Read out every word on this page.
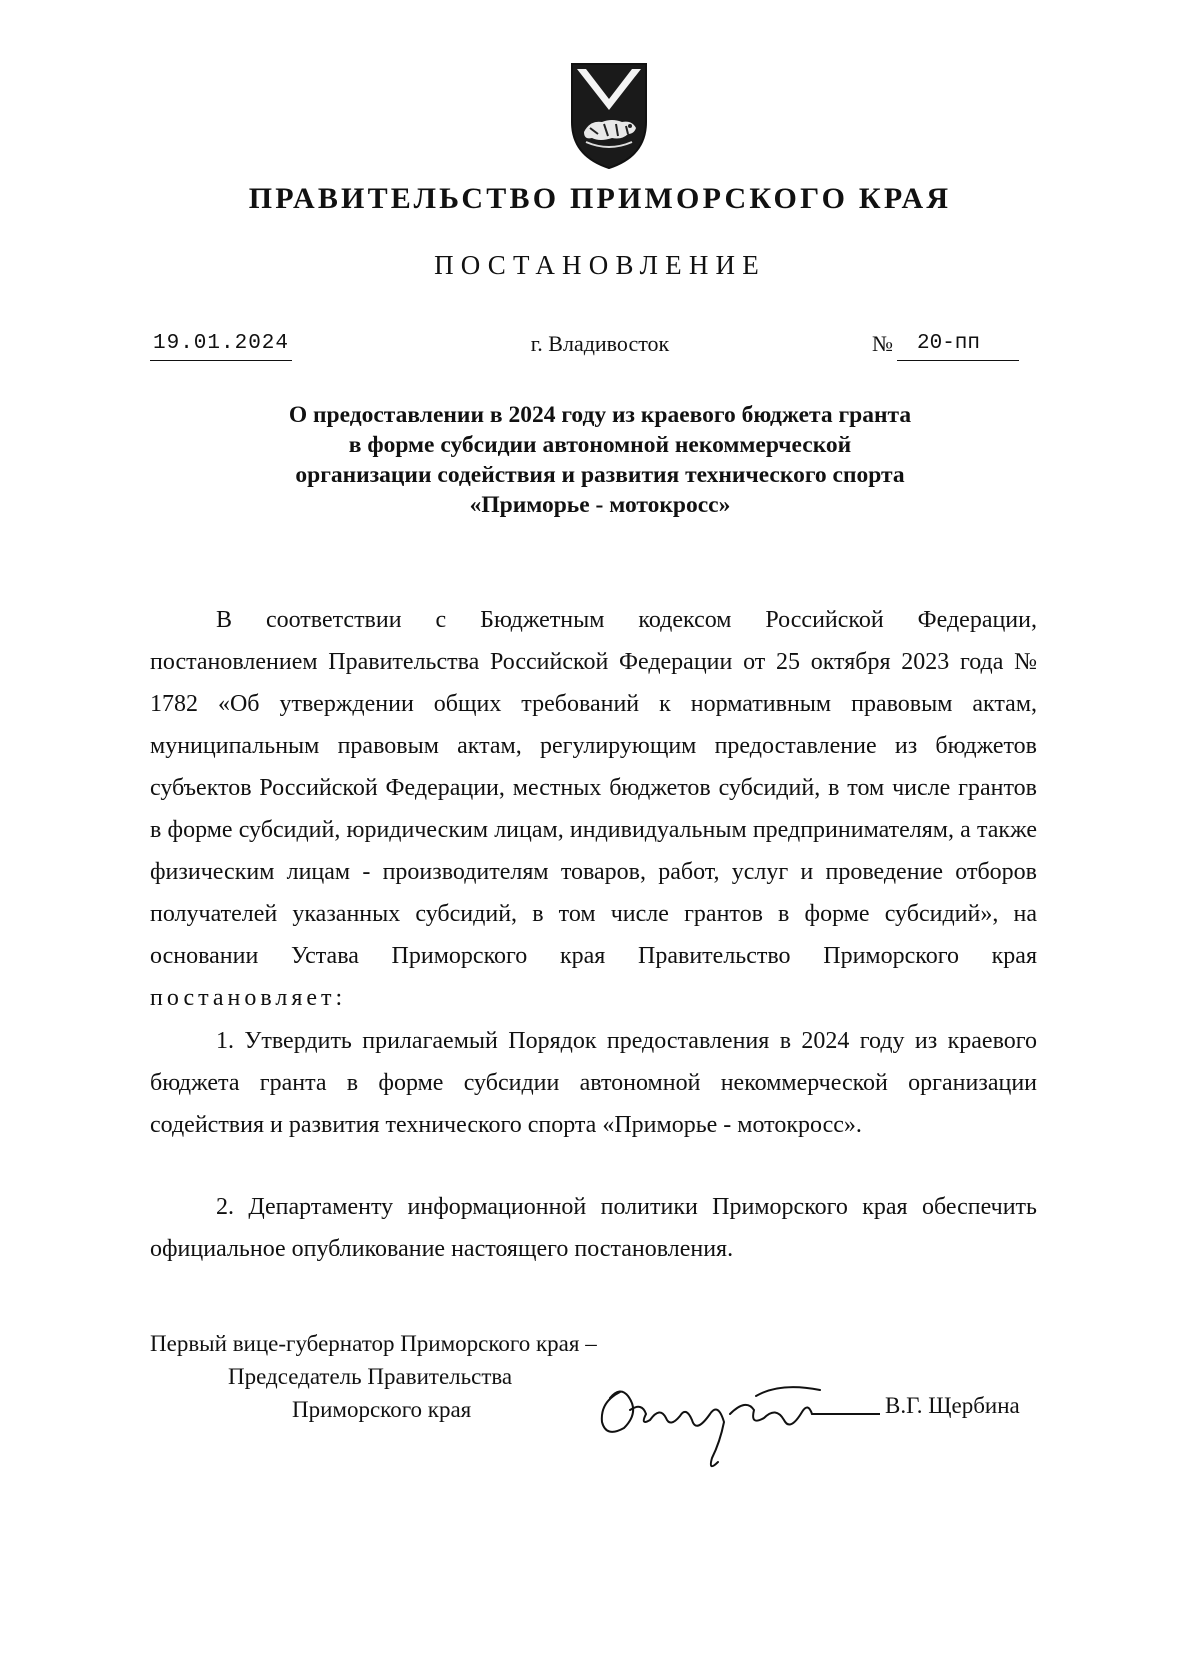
ПРАВИТЕЛЬСТВО ПРИМОРСКОГО КРАЯ
ПОСТАНОВЛЕНИЕ
19.01.2024	г. Владивосток	№	20-пп
О предоставлении в 2024 году из краевого бюджета гранта
в форме субсидии автономной некоммерческой
организации содействия и развития технического спорта
«Приморье - мотокросс»
В соответствии с Бюджетным кодексом Российской Федерации, постановлением Правительства Российской Федерации от 25 октября 2023 года № 1782 «Об утверждении общих требований к нормативным правовым актам, муниципальным правовым актам, регулирующим предоставление из бюджетов субъектов Российской Федерации, местных бюджетов субсидий, в том числе грантов в форме субсидий, юридическим лицам, индивидуальным предпринимателям, а также физическим лицам - производителям товаров, работ, услуг и проведение отборов получателей указанных субсидий, в том числе грантов в форме субсидий», на основании Устава Приморского края Правительство Приморского края постановляет:
1. Утвердить прилагаемый Порядок предоставления в 2024 году из краевого бюджета гранта в форме субсидии автономной некоммерческой организации содействия и развития технического спорта «Приморье - мотокросс».
2. Департаменту информационной политики Приморского края обеспечить официальное опубликование настоящего постановления.
Первый вице-губернатор Приморского края –
Председатель Правительства
Приморского края	В.Г. Щербина
